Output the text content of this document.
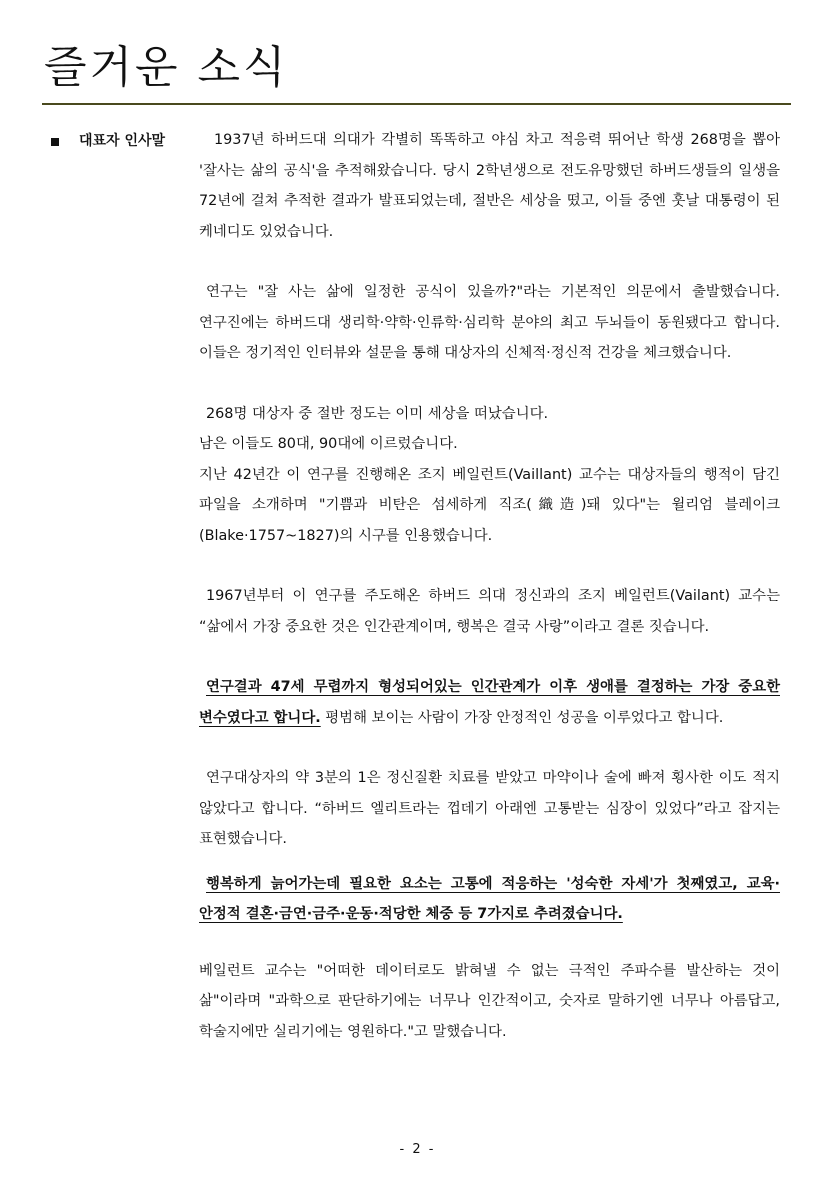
즐거운 소식
대표자 인사말	1937년 하버드대 의대가 각별히 똑똑하고 야심 차고 적응력 뛰어난 학생 268명을 뽑아 '잘사는 삶의 공식'을 추적해왔습니다. 당시 2학년생으로 전도유망했던 하버드생들의 일생을 72년에 걸쳐 추적한 결과가 발표되었는데, 절반은 세상을 떴고, 이들 중엔 훗날 대통령이 된 케네디도 있었습니다.

연구는 "잘 사는 삶에 일정한 공식이 있을까?"라는 기본적인 의문에서 출발했습니다. 연구진에는 하버드대 생리학·약학·인류학·심리학 분야의 최고 두뇌들이 동원됐다고 합니다. 이들은 정기적인 인터뷰와 설문을 통해 대상자의 신체적·정신적 건강을 체크했습니다.

268명 대상자 중 절반 정도는 이미 세상을 떠났습니다.

남은 이들도 80대, 90대에 이르렀습니다.

지난 42년간 이 연구를 진행해온 조지 베일런트(Vaillant) 교수는 대상자들의 행적이 담긴 파일을 소개하며 "기쁨과 비탄은 섬세하게 직조(織造)돼 있다"는 윌리엄 블레이크(Blake·1757~1827)의 시구를 인용했습니다.

1967년부터 이 연구를 주도해온 하버드 의대 정신과의 조지 베일런트(Vailant) 교수는 “삶에서 가장 중요한 것은 인간관계이며, 행복은 결국 사랑”이라고 결론 짓습니다.

연구결과 47세 무렵까지 형성되어있는 인간관계가 이후 생애를 결정하는 가장 중요한 변수였다고 합니다. 평범해 보이는 사람이 가장 안정적인 성공을 이루었다고 합니다.

연구대상자의 약 3분의 1은 정신질환 치료를 받았고 마약이나 술에 빠져 횡사한 이도 적지 않았다고 합니다. “하버드 엘리트라는 껍데기 아래엔 고통받는 심장이 있었다”라고 잡지는 표현했습니다.

행복하게 늙어가는데 필요한 요소는 고통에 적응하는 '성숙한 자세'가 첫째였고, 교육·안정적 결혼·금연·금주·운동·적당한 체중 등 7가지로 추려졌습니다.

베일런트 교수는 "어떠한 데이터로도 밝혀낼 수 없는 극적인 주파수를 발산하는 것이 삶"이라며 "과학으로 판단하기에는 너무나 인간적이고, 숫자로 말하기엔 너무나 아름답고, 학술지에만 실리기에는 영원하다."고 말했습니다.

- 2 -
